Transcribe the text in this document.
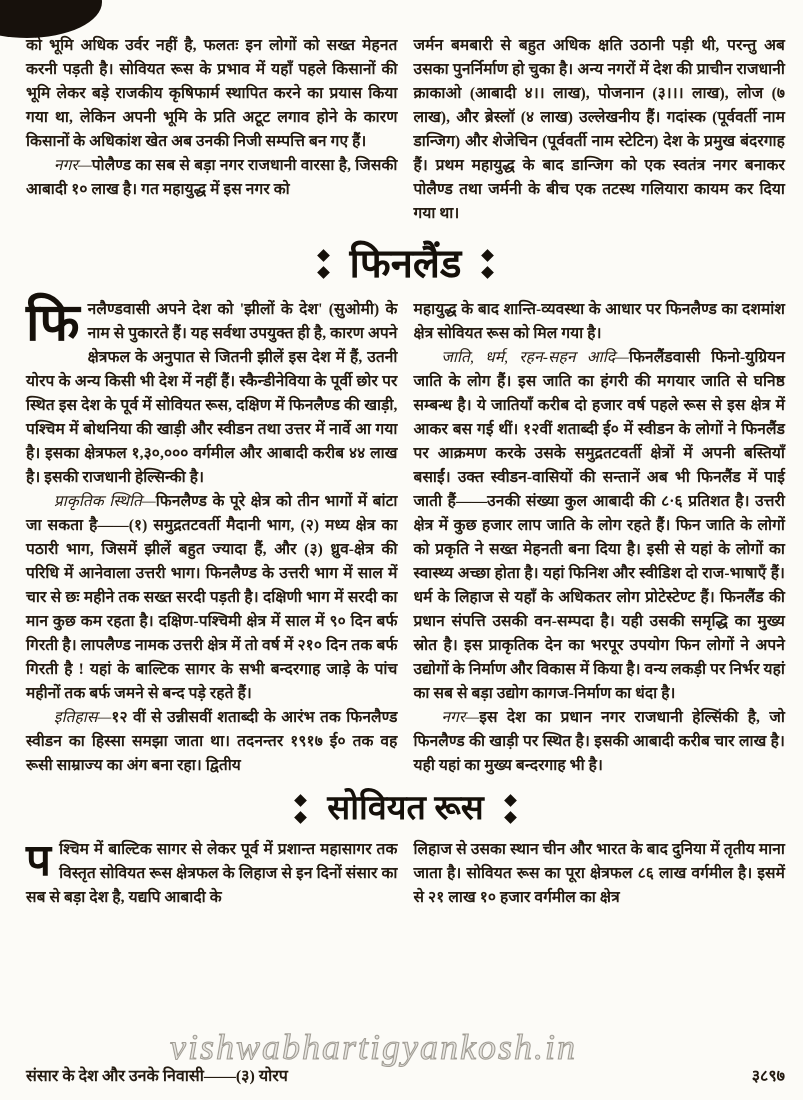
को भूमि अधिक उर्वर नहीं है, फलतः इन लोगों को सख्त मेहनत करनी पड़ती है। सोवियत रूस के प्रभाव में यहाँ पहले किसानों की भूमि लेकर बड़े राजकीय कृषिफार्म स्थापित करने का प्रयास किया गया था, लेकिन अपनी भूमि के प्रति अटूट लगाव होने के कारण किसानों के अधिकांश खेत अब उनकी निजी सम्पत्ति बन गए हैं।

नगर—पोलैण्ड का सब से बड़ा नगर राजधानी वारसा है, जिसकी आबादी १० लाख है। गत महायुद्ध में इस नगर को

जर्मन बमबारी से बहुत अधिक क्षति उठानी पड़ी थी, परन्तु अब उसका पुनर्निर्माण हो चुका है। अन्य नगरों में देश की प्राचीन राजधानी क्राकाओ (आबादी ४।। लाख), पोजनान (३।।। लाख), लोज (७ लाख), और ब्रेस्लॉ (४ लाख) उल्लेखनीय हैं। गदांस्क (पूर्ववर्ती नाम डान्जिग) और शेजेचिन (पूर्ववर्ती नाम स्टेटिन) देश के प्रमुख बंदरगाह हैं। प्रथम महायुद्ध के बाद डान्जिग को एक स्वतंत्र नगर बनाकर पोलैण्ड तथा जर्मनी के बीच एक तटस्थ गलियारा कायम कर दिया गया था।

फिनलैंड

फिनलैण्डवासी अपने देश को 'झीलों के देश' (सुओमी) के नाम से पुकारते हैं। यह सर्वथा उपयुक्त ही है, कारण अपने क्षेत्रफल के अनुपात से जितनी झीलें इस देश में हैं, उतनी योरप के अन्य किसी भी देश में नहीं हैं। स्कैन्डीनेविया के पूर्वी छोर पर स्थित इस देश के पूर्व में सोवियत रूस, दक्षिण में फिनलैण्ड की खाड़ी, पश्चिम में बोथनिया की खाड़ी और स्वीडन तथा उत्तर में नार्वे आ गया है। इसका क्षेत्रफल १,३०,००० वर्गमील और आबादी करीब ४४ लाख है। इसकी राजधानी हेल्सिन्की है।

प्राकृतिक स्थिति—फिनलैण्ड के पूरे क्षेत्र को तीन भागों में बांटा जा सकता है——(१) समुद्रतटवर्ती मैदानी भाग, (२) मध्य क्षेत्र का पठारी भाग, जिसमें झीलें बहुत ज्यादा हैं, और (३) ध्रुव-क्षेत्र की परिधि में आनेवाला उत्तरी भाग। फिनलैण्ड के उत्तरी भाग में साल में चार से छः महीने तक सख्त सरदी पड़ती है। दक्षिणी भाग में सरदी का मान कुछ कम रहता है। दक्षिण-पश्चिमी क्षेत्र में साल में ९० दिन बर्फ गिरती है। लापलैण्ड नामक उत्तरी क्षेत्र में तो वर्ष में २१० दिन तक बर्फ गिरती है ! यहां के बाल्टिक सागर के सभी बन्दरगाह जाड़े के पांच महीनों तक बर्फ जमने से बन्द पड़े रहते हैं।

इतिहास—१२ वीं से उन्नीसवीं शताब्दी के आरंभ तक फिनलैण्ड स्वीडन का हिस्सा समझा जाता था। तदनन्तर १९१७ ई० तक वह रूसी साम्राज्य का अंग बना रहा। द्वितीय

महायुद्ध के बाद शान्ति-व्यवस्था के आधार पर फिनलैण्ड का दशमांश क्षेत्र सोवियत रूस को मिल गया है।

जाति, धर्म, रहन-सहन आदि—फिनलैंडवासी फिनो-युग्रियन जाति के लोग हैं। इस जाति का हंगरी की मगयार जाति से घनिष्ठ सम्बन्ध है। ये जातियाँ करीब दो हजार वर्ष पहले रूस से इस क्षेत्र में आकर बस गई थीं। १२वीं शताब्दी ई० में स्वीडन के लोगों ने फिनलैंड पर आक्रमण करके उसके समुद्रतटवर्ती क्षेत्रों में अपनी बस्तियाँ बसाईं। उक्त स्वीडन-वासियों की सन्तानें अब भी फिनलैंड में पाई जाती हैं——उनकी संख्या कुल आबादी की ८·६ प्रतिशत है। उत्तरी क्षेत्र में कुछ हजार लाप जाति के लोग रहते हैं। फिन जाति के लोगों को प्रकृति ने सख्त मेहनती बना दिया है। इसी से यहां के लोगों का स्वास्थ्य अच्छा होता है। यहां फिनिश और स्वीडिश दो राज-भाषाएँ हैं। धर्म के लिहाज से यहाँ के अधिकतर लोग प्रोटेस्टेण्ट हैं। फिनलैंड की प्रधान संपत्ति उसकी वन-सम्पदा है। यही उसकी समृद्धि का मुख्य स्रोत है। इस प्राकृतिक देन का भरपूर उपयोग फिन लोगों ने अपने उद्योगों के निर्माण और विकास में किया है। वन्य लकड़ी पर निर्भर यहां का सब से बड़ा उद्योग कागज-निर्माण का धंदा है।

नगर—इस देश का प्रधान नगर राजधानी हेल्सिंकी है, जो फिनलैण्ड की खाड़ी पर स्थित है। इसकी आबादी करीब चार लाख है। यही यहां का मुख्य बन्दरगाह भी है।

सोवियत रूस

पश्चिम में बाल्टिक सागर से लेकर पूर्व में प्रशान्त महासागर तक विस्तृत सोवियत रूस क्षेत्रफल के लिहाज से इन दिनों संसार का सब से बड़ा देश है, यद्यपि आबादी के

लिहाज से उसका स्थान चीन और भारत के बाद दुनिया में तृतीय माना जाता है। सोवियत रूस का पूरा क्षेत्रफल ८६ लाख वर्गमील है। इसमें से २१ लाख १० हजार वर्गमील का क्षेत्र

vishwabhartigyankosh.in
संसार के देश और उनके निवासी——(३) योरप	३८९७
